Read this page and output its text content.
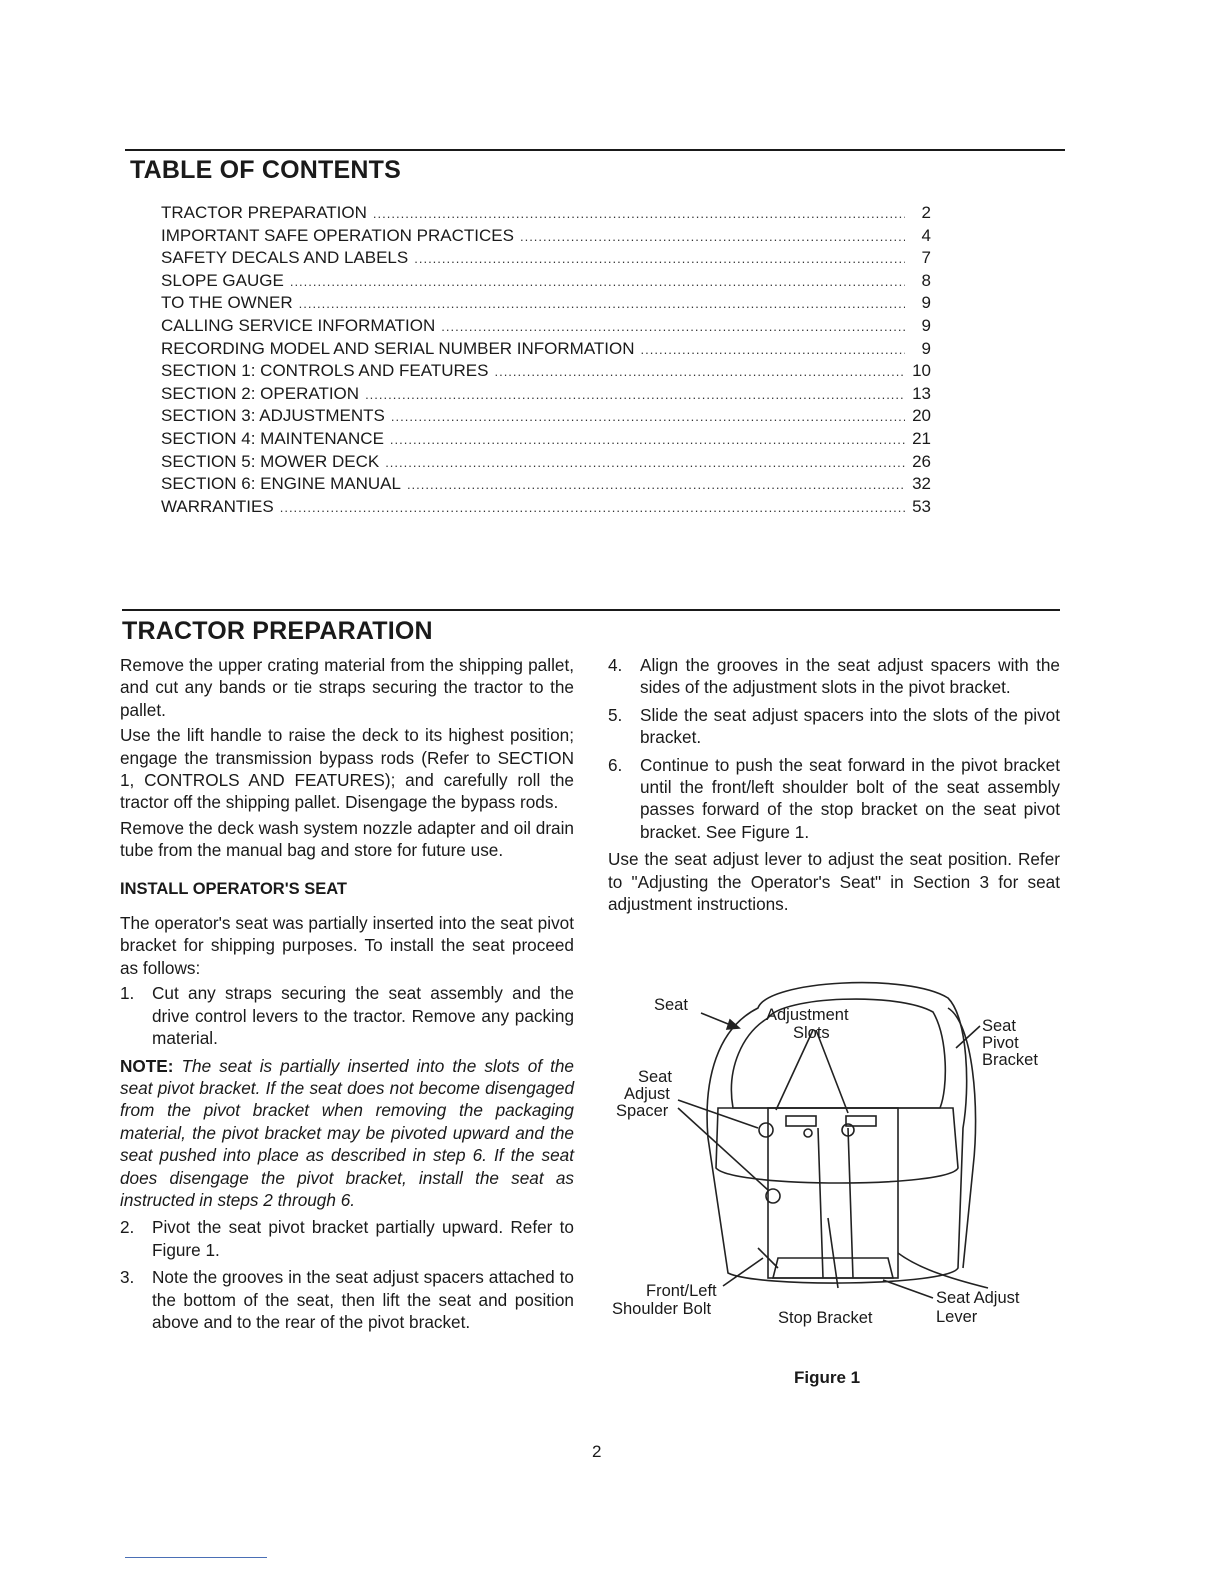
TABLE OF CONTENTS
TRACTOR PREPARATION .....	2
IMPORTANT SAFE OPERATION PRACTICES .....	4
SAFETY DECALS AND LABELS .....	7
SLOPE GAUGE .....	8
TO THE OWNER .....	9
CALLING SERVICE INFORMATION .....	9
RECORDING MODEL AND SERIAL NUMBER INFORMATION .....	9
SECTION 1: CONTROLS AND FEATURES .....	10
SECTION 2: OPERATION .....	13
SECTION 3: ADJUSTMENTS .....	20
SECTION 4: MAINTENANCE .....	21
SECTION 5: MOWER DECK .....	26
SECTION 6: ENGINE MANUAL .....	32
WARRANTIES .....	53
TRACTOR PREPARATION

Remove the upper crating material from the shipping pallet, and cut any bands or tie straps securing the tractor to the pallet.

Use the lift handle to raise the deck to its highest position; engage the transmission bypass rods (Refer to SECTION 1, CONTROLS AND FEATURES); and carefully roll the tractor off the shipping pallet. Disengage the bypass rods.

Remove the deck wash system nozzle adapter and oil drain tube from the manual bag and store for future use.

INSTALL OPERATOR'S SEAT

The operator's seat was partially inserted into the seat pivot bracket for shipping purposes. To install the seat proceed as follows:

1.	Cut any straps securing the seat assembly and the drive control levers to the tractor. Remove any packing material.

NOTE: The seat is partially inserted into the slots of the seat pivot bracket. If the seat does not become disengaged from the pivot bracket when removing the packaging material, the pivot bracket may be pivoted upward and the seat pushed into place as described in step 6. If the seat does disengage the pivot bracket, install the seat as instructed in steps 2 through 6.

2.	Pivot the seat pivot bracket partially upward. Refer to Figure 1.
3.	Note the grooves in the seat adjust spacers attached to the bottom of the seat, then lift the seat and position above and to the rear of the pivot bracket.
4.	Align the grooves in the seat adjust spacers with the sides of the adjustment slots in the pivot bracket.
5.	Slide the seat adjust spacers into the slots of the pivot bracket.
6.	Continue to push the seat forward in the pivot bracket until the front/left shoulder bolt of the seat assembly passes forward of the stop bracket on the seat pivot bracket. See Figure 1.

Use the seat adjust lever to adjust the seat position. Refer to "Adjusting the Operator's Seat" in Section 3 for seat adjustment instructions.

Seat
Adjustment
Slots	Seat
Pivot
Bracket
Seat
Adjust
Spacer
Front/Left
Shoulder Bolt	Stop Bracket
Seat Adjust
Lever
Figure 1
2
